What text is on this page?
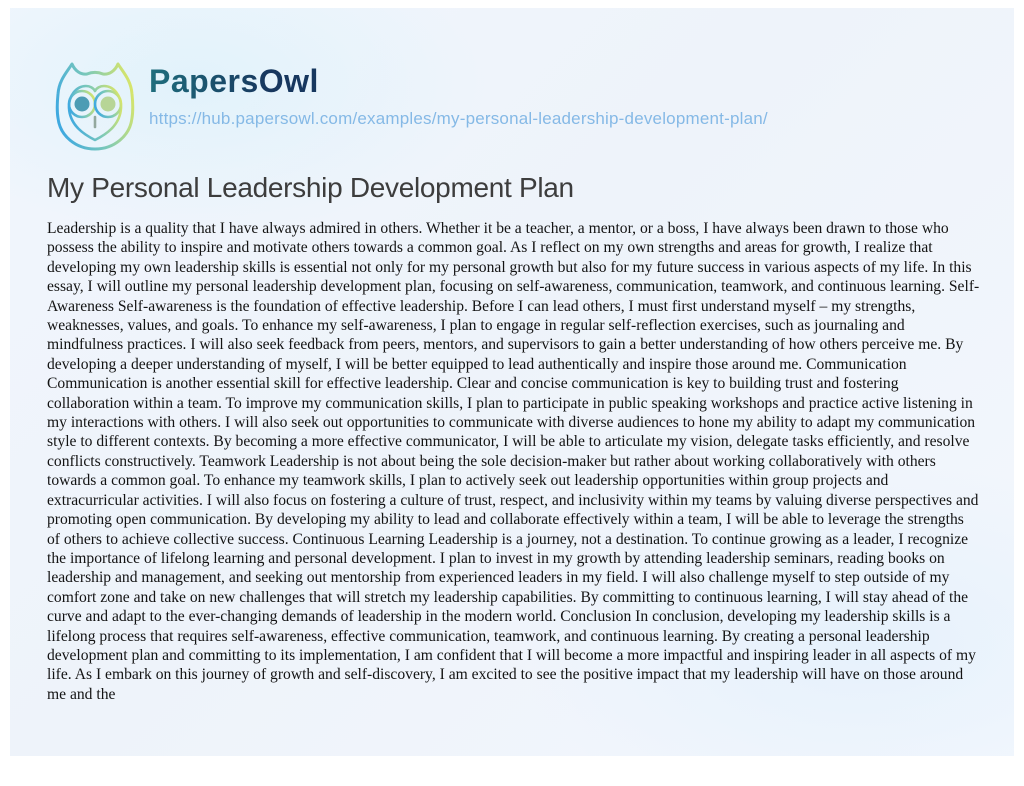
PapersOwl
https://hub.papersowl.com/examples/my-personal-leadership-development-plan/
My Personal Leadership Development Plan

Leadership is a quality that I have always admired in others. Whether it be a teacher, a mentor, or a boss, I have always been drawn to those who possess the ability to inspire and motivate others towards a common goal. As I reflect on my own strengths and areas for growth, I realize that developing my own leadership skills is essential not only for my personal growth but also for my future success in various aspects of my life. In this essay, I will outline my personal leadership development plan, focusing on self-awareness, communication, teamwork, and continuous learning. Self-Awareness Self-awareness is the foundation of effective leadership. Before I can lead others, I must first understand myself – my strengths, weaknesses, values, and goals. To enhance my self-awareness, I plan to engage in regular self-reflection exercises, such as journaling and mindfulness practices. I will also seek feedback from peers, mentors, and supervisors to gain a better understanding of how others perceive me. By developing a deeper understanding of myself, I will be better equipped to lead authentically and inspire those around me. Communication Communication is another essential skill for effective leadership. Clear and concise communication is key to building trust and fostering collaboration within a team. To improve my communication skills, I plan to participate in public speaking workshops and practice active listening in my interactions with others. I will also seek out opportunities to communicate with diverse audiences to hone my ability to adapt my communication style to different contexts. By becoming a more effective communicator, I will be able to articulate my vision, delegate tasks efficiently, and resolve conflicts constructively. Teamwork Leadership is not about being the sole decision-maker but rather about working collaboratively with others towards a common goal. To enhance my teamwork skills, I plan to actively seek out leadership opportunities within group projects and extracurricular activities. I will also focus on fostering a culture of trust, respect, and inclusivity within my teams by valuing diverse perspectives and promoting open communication. By developing my ability to lead and collaborate effectively within a team, I will be able to leverage the strengths of others to achieve collective success. Continuous Learning Leadership is a journey, not a destination. To continue growing as a leader, I recognize the importance of lifelong learning and personal development. I plan to invest in my growth by attending leadership seminars, reading books on leadership and management, and seeking out mentorship from experienced leaders in my field. I will also challenge myself to step outside of my comfort zone and take on new challenges that will stretch my leadership capabilities. By committing to continuous learning, I will stay ahead of the curve and adapt to the ever-changing demands of leadership in the modern world. Conclusion In conclusion, developing my leadership skills is a lifelong process that requires self-awareness, effective communication, teamwork, and continuous learning. By creating a personal leadership development plan and committing to its implementation, I am confident that I will become a more impactful and inspiring leader in all aspects of my life. As I embark on this journey of growth and self-discovery, I am excited to see the positive impact that my leadership will have on those around me and the
